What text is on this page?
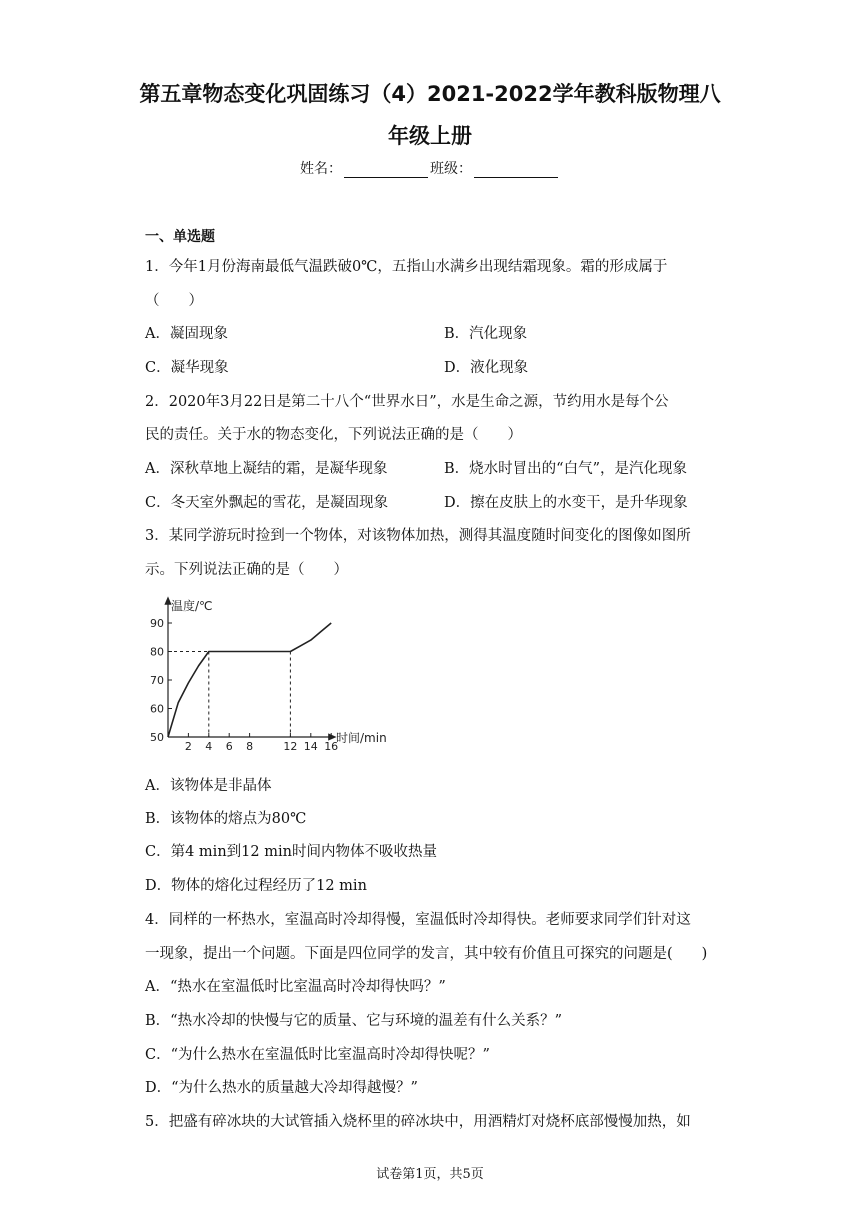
第五章物态变化巩固练习（4）2021-2022学年教科版物理八
年级上册
姓名：	班级：
一、单选题
1．今年1月份海南最低气温跌破0℃，五指山水满乡出现结霜现象。霜的形成属于
（　　）
A．凝固现象	B．汽化现象
C．凝华现象	D．液化现象
2．2020年3月22日是第二十八个“世界水日”，水是生命之源，节约用水是每个公
民的责任。关于水的物态变化，下列说法正确的是（　　）
A．深秋草地上凝结的霜，是凝华现象	B．烧水时冒出的“白气”，是汽化现象
C．冬天室外飘起的雪花，是凝固现象	D．擦在皮肤上的水变干，是升华现象
3．某同学游玩时捡到一个物体，对该物体加热，测得其温度随时间变化的图像如图所
示。下列说法正确的是（　　）
50
60
70
80
90
2 4 6 8	12 14 16
温度/℃
时间/min
A．该物体是非晶体
B．该物体的熔点为80℃
C．第4 min到12 min时间内物体不吸收热量
D．物体的熔化过程经历了12 min
4．同样的一杯热水，室温高时冷却得慢，室温低时冷却得快。老师要求同学们针对这
一现象，提出一个问题。下面是四位同学的发言，其中较有价值且可探究的问题是(　　)
A．“热水在室温低时比室温高时冷却得快吗？”
B．“热水冷却的快慢与它的质量、它与环境的温差有什么关系？”
C．“为什么热水在室温低时比室温高时冷却得快呢？”
D．“为什么热水的质量越大冷却得越慢？”
5．把盛有碎冰块的大试管插入烧杯里的碎冰块中，用酒精灯对烧杯底部慢慢加热，如
试卷第1页，共5页
